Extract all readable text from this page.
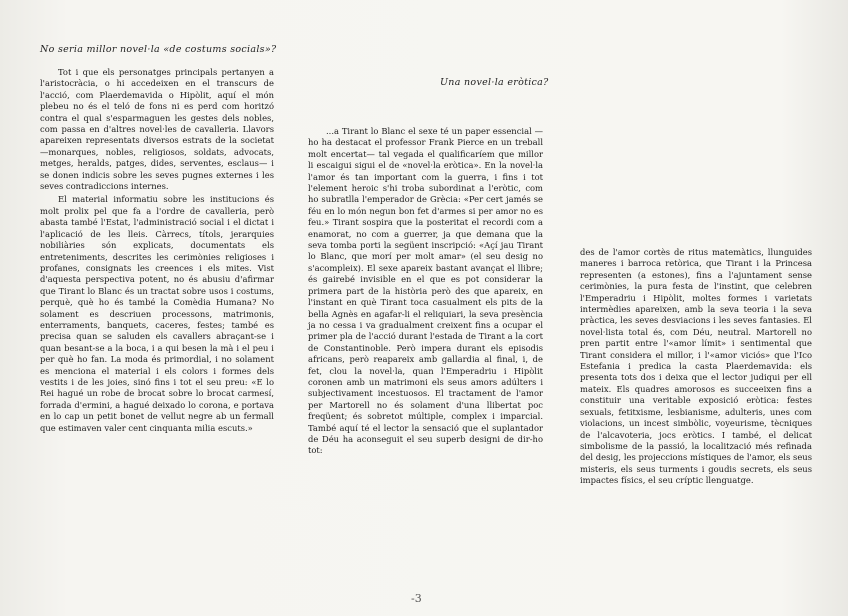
No seria millor novel·la «de costums socials»?
Una novel·la eròtica?

Tot i que els personatges principals pertanyen a l'aristocràcia, o hi accedeixen en el transcurs de l'acció, com Plaerdemavida o Hipòlit, aquí el món plebeu no és el teló de fons ni es perd com horitzó contra el qual s'esparmaguen les gestes dels nobles, com passa en d'altres novel·les de cavalleria. Llavors apareixen representats diversos estrats de la societat —monarques, nobles, religiosos, soldats, advocats, metges, heralds, patges, dides, serventes, esclaus— i se donen indicis sobre les seves pugnes externes i les seves contradiccions internes.

El material informatiu sobre les institucions és molt prolix pel que fa a l'ordre de cavalleria, però abasta també l'Estat, l'administració social i el dictat i l'aplicació de les lleis. Càrrecs, títols, jerarquies nobiliàries són explicats, documentats els entreteniments, descrites les cerimònies religioses i profanes, consignats les creences i els mites. Vist d'aquesta perspectiva potent, no és abusiu d'afirmar que Tirant lo Blanc és un tractat sobre usos i costums, perquè, què ho és també la Comèdia Humana? No solament es descriuen processons, matrimonis, enterraments, banquets, caceres, festes; també es precisa quan se saluden els cavallers abraçant-se i quan besant-se a la boca, i a qui besen la mà i el peu i per què ho fan. La moda és primordial, i no solament es menciona el material i els colors i formes dels vestits i de les joies, sinó fins i tot el seu preu: «E lo Rei hagué un robe de brocat sobre lo brocat carmesí, forrada d'ermini, a hagué deixado lo corona, e portava en lo cap un petit bonet de vellut negre ab un fermall que estimaven valer cent cinquanta milia escuts.»

...a Tirant lo Blanc el sexe té un paper essencial —ho ha destacat el professor Frank Pierce en un treball molt encertat— tal vegada el qualificaríem que millor li escaigui sigui el de «novel·la eròtica». En la novel·la l'amor és tan important com la guerra, i fins i tot l'element heroic s'hi troba subordinat a l'eròtic, com ho subratlla l'emperador de Grècia: «Per cert jamés se féu en lo món negun bon fet d'armes si per amor no es feu.» Tirant sospira que la posteritat el recordi com a enamorat, no com a guerrer, ja que demana que la seva tomba porti la següent inscripció: «Açí jau Tirant lo Blanc, que morí per molt amar» (el seu desig no s'acompleix). El sexe apareix bastant avançat el llibre; és gairebé invisible en el que es pot considerar la primera part de la història però des que apareix, en l'instant en què Tirant toca casualment els pits de la bella Agnès en agafar-li el reliquiari, la seva presència ja no cessa i va gradualment creixent fins a ocupar el primer pla de l'acció durant l'estada de Tirant a la cort de Constantinoble. Però impera durant els episodis africans, però reapareix amb gallardia al final, i, de fet, clou la novel·la, quan l'Emperadriu i Hipòlit coronen amb un matrimoni els seus amors adúlters i subjectivament incestuosos. El tractament de l'amor per Martorell no és solament d'una llibertat poc freqüent; és sobretot múltiple, complex i imparcial. També aquí té el lector la sensació que el suplantador de Déu ha aconseguit el seu superb designi de dir-ho tot:

des de l'amor cortès de ritus matemàtics, llunguides maneres i barroca retòrica, que Tirant i la Princesa representen (a estones), fins a l'ajuntament sense cerimònies, la pura festa de l'instint, que celebren l'Emperadriu i Hipòlit, moltes formes i varietats intermèdies apareixen, amb la seva teoria i la seva pràctica, les seves desviacions i les seves fantasies. El novel·lista total és, com Déu, neutral. Martorell no pren partit entre l'«amor límit» i sentimental que Tirant considera el millor, i l'«amor viciós» que l'Ico Estefania i predica la casta Plaerdemavida: els presenta tots dos i deixa que el lector judiqui per ell mateix. Els quadres amorosos es succeeixen fins a constituir una veritable exposició eròtica: festes sexuals, fetitxisme, lesbianisme, adulteris, unes com violacions, un incest simbòlic, voyeurisme, tècniques de l'alcavoteria, jocs eròtics. I també, el delicat simbolisme de la passió, la localització més refinada del desig, les projeccions místiques de l'amor, els seus misteris, els seus turments i goudis secrets, els seus impactes físics, el seu críptic llenguatge.

-3
